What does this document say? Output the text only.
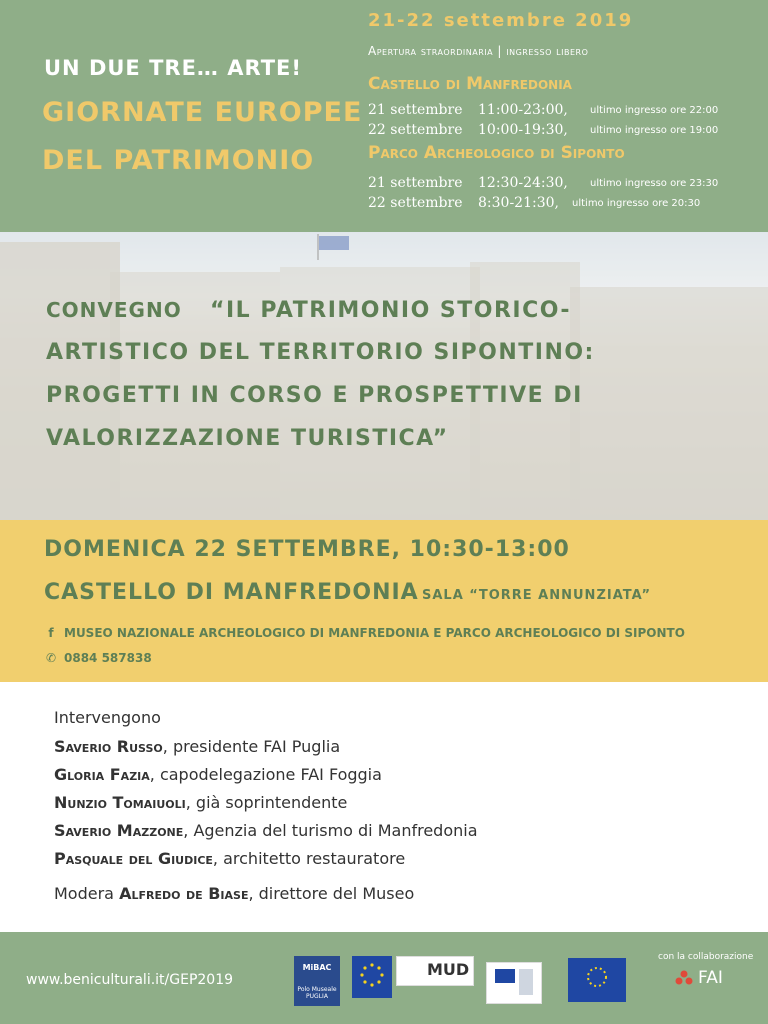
UN DUE TRE… ARTE!
GIORNATE EUROPEE
DEL PATRIMONIO
21-22 settembre 2019
Apertura straordinaria | ingresso libero
Castello di Manfredonia
21 settembre 11:00-23:00, ultimo ingresso ore 22:00
22 settembre 10:00-19:30, ultimo ingresso ore 19:00
Parco Archeologico di Siponto
21 settembre 12:30-24:30, ultimo ingresso ore 23:30
22 settembre 8:30-21:30, ultimo ingresso ore 20:30
CONVEGNO “IL PATRIMONIO STORICO-
ARTISTICO DEL TERRITORIO SIPONTINO:
PROGETTI IN CORSO E PROSPETTIVE DI
VALORIZZAZIONE TURISTICA”
DOMENICA 22 SETTEMBRE, 10:30-13:00
CASTELLO DI MANFREDONIA SALA “TORRE ANNUNZIATA”
f MUSEO NAZIONALE ARCHEOLOGICO DI MANFREDONIA E PARCO ARCHEOLOGICO DI SIPONTO
✆ 0884 587838
Intervengono
Saverio Russo, presidente FAI Puglia
Gloria Fazia, capodelegazione FAI Foggia
Nunzio Tomaiuoli, già soprintendente
Saverio Mazzone, Agenzia del turismo di Manfredonia
Pasquale del Giudice, architetto restauratore
Modera Alfredo de Biase, direttore del Museo
www.beniculturali.it/GEP2019
MiBAC
Polo Museale PUGLIA
MUD
con la collaborazione
FAI
